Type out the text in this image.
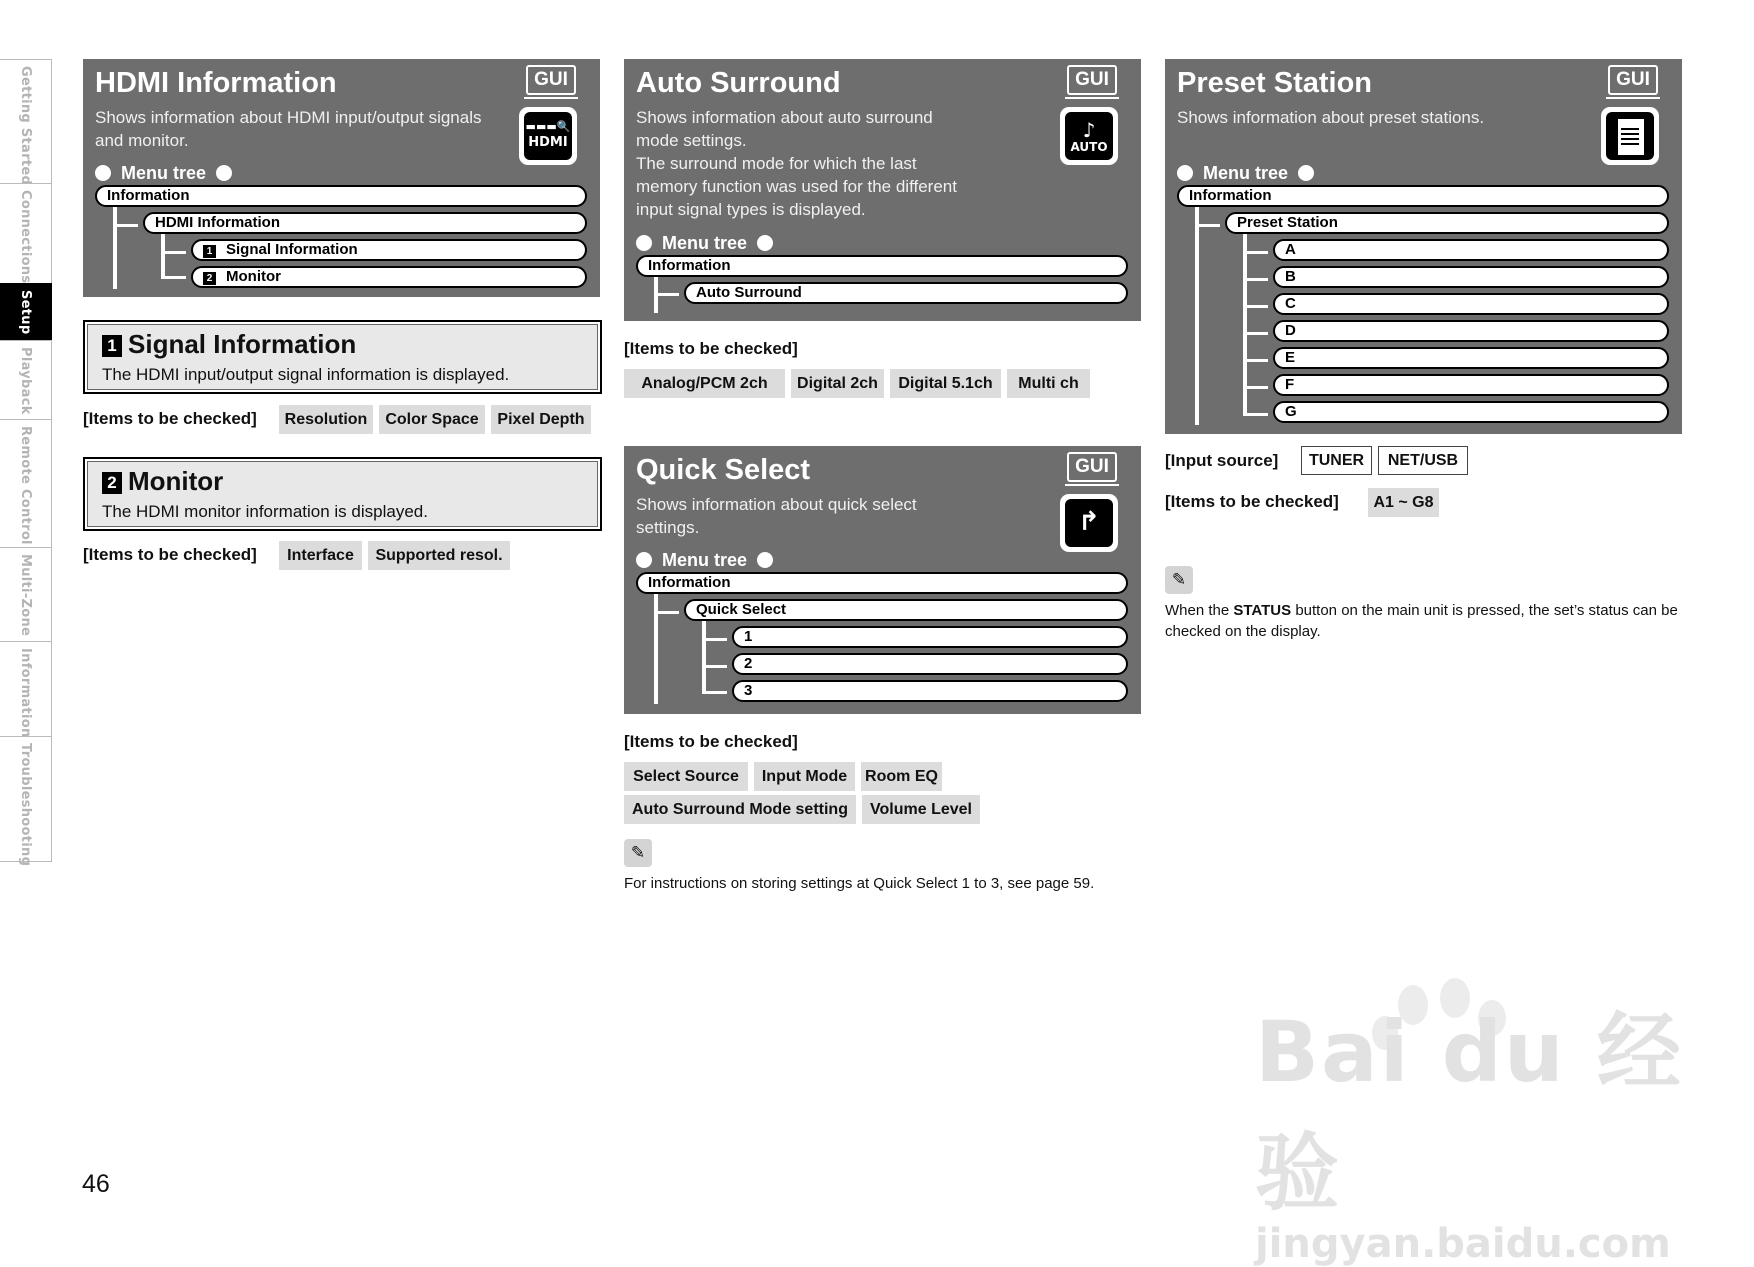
Getting Started
Connections
Setup
Playback
Remote Control
Multi-Zone
Information
Troubleshooting
HDMI Information	GUI
Shows information about HDMI input/output signals and monitor.
▬▬▬🔍
HDMI
Menu tree
Information
HDMI Information
1 Signal Information
2 Monitor
1 Signal Information
The HDMI input/output signal information is displayed.
[Items to be checked]	Resolution	Color Space	Pixel Depth
2 Monitor
The HDMI monitor information is displayed.
[Items to be checked]	Interface	Supported resol.
Auto Surround	GUI
Shows information about auto surround mode settings.
The surround mode for which the last memory function was used for the different input signal types is displayed.
♪
AUTO
Menu tree
Information
Auto Surround
[Items to be checked]
Analog/PCM 2ch	Digital 2ch	Digital 5.1ch	Multi ch
Quick Select	GUI
Shows information about quick select settings.	↱
Menu tree
Information
Quick Select
1
2
3
[Items to be checked]
Select Source	Input Mode	Room EQ
Auto Surround Mode setting	Volume Level
✎
For instructions on storing settings at Quick Select 1 to 3, see page 59.
Preset Station	GUI
Shows information about preset stations.
Menu tree
Information
Preset Station
A
B
C
D
E
F
G
[Input source]	TUNER	NET/USB
[Items to be checked]	A1 ~ G8
✎
When the STATUS button on the main unit is pressed, the set’s status can be checked on the display.
Bai du 经验
jingyan.baidu.com
46
